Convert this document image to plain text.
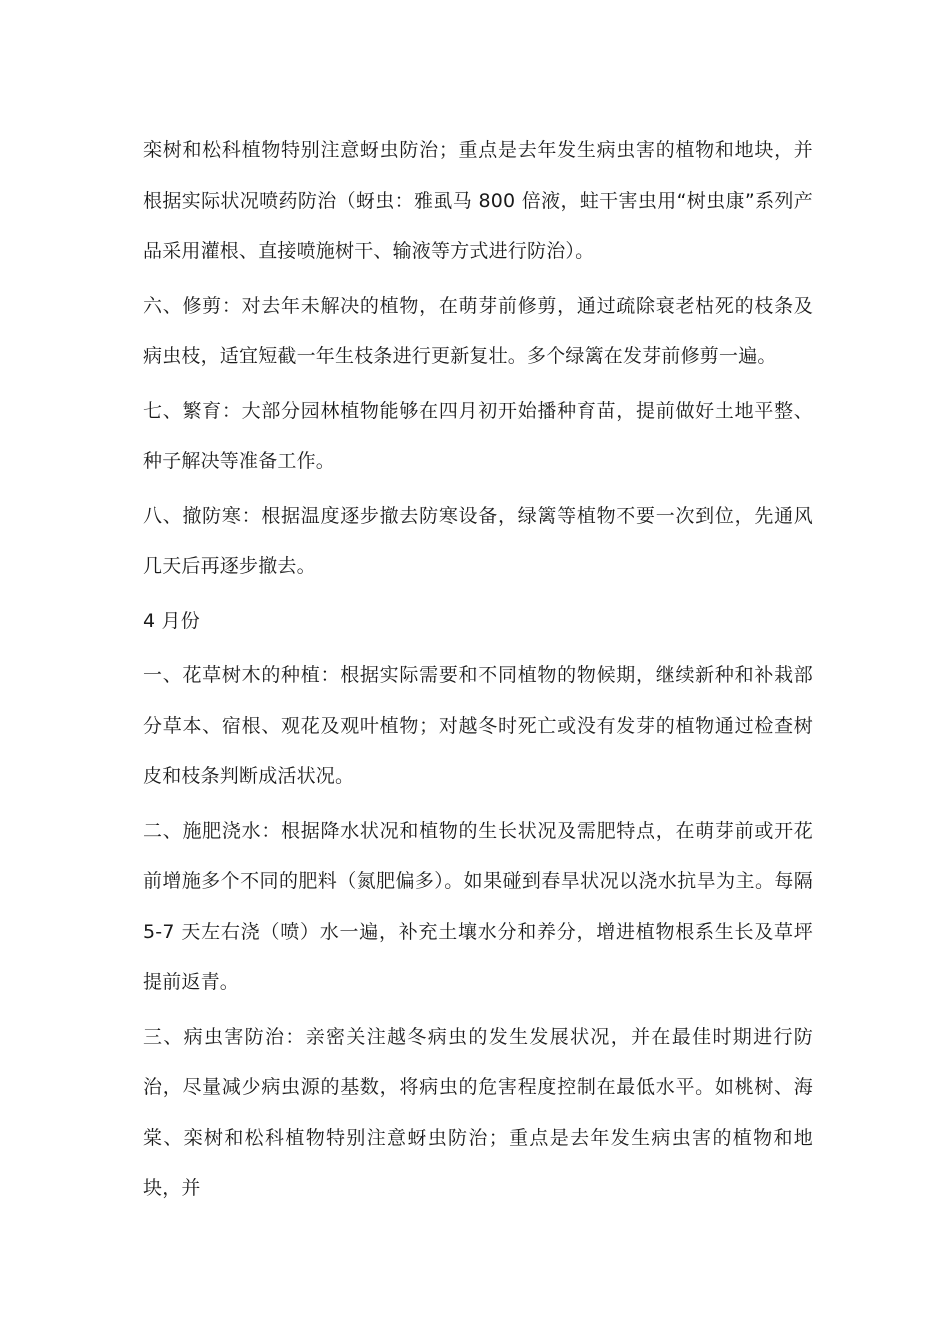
栾树和松科植物特别注意蚜虫防治；重点是去年发生病虫害的植物和地块，并根据实际状况喷药防治（蚜虫：雅虱马 800 倍液，蛀干害虫用“树虫康”系列产品采用灌根、直接喷施树干、输液等方式进行防治）。

六、修剪：对去年未解决的植物，在萌芽前修剪，通过疏除衰老枯死的枝条及病虫枝，适宜短截一年生枝条进行更新复壮。多个绿篱在发芽前修剪一遍。

七、繁育：大部分园林植物能够在四月初开始播种育苗，提前做好土地平整、种子解决等准备工作。

八、撤防寒：根据温度逐步撤去防寒设备，绿篱等植物不要一次到位，先通风几天后再逐步撤去。

4 月份

一、花草树木的种植：根据实际需要和不同植物的物候期，继续新种和补栽部分草本、宿根、观花及观叶植物；对越冬时死亡或没有发芽的植物通过检查树皮和枝条判断成活状况。

二、施肥浇水：根据降水状况和植物的生长状况及需肥特点，在萌芽前或开花前增施多个不同的肥料（氮肥偏多）。如果碰到春旱状况以浇水抗旱为主。每隔 5-7 天左右浇（喷）水一遍，补充土壤水分和养分，增进植物根系生长及草坪提前返青。

三、病虫害防治：亲密关注越冬病虫的发生发展状况，并在最佳时期进行防治，尽量减少病虫源的基数，将病虫的危害程度控制在最低水平。如桃树、海棠、栾树和松科植物特别注意蚜虫防治；重点是去年发生病虫害的植物和地块，并
